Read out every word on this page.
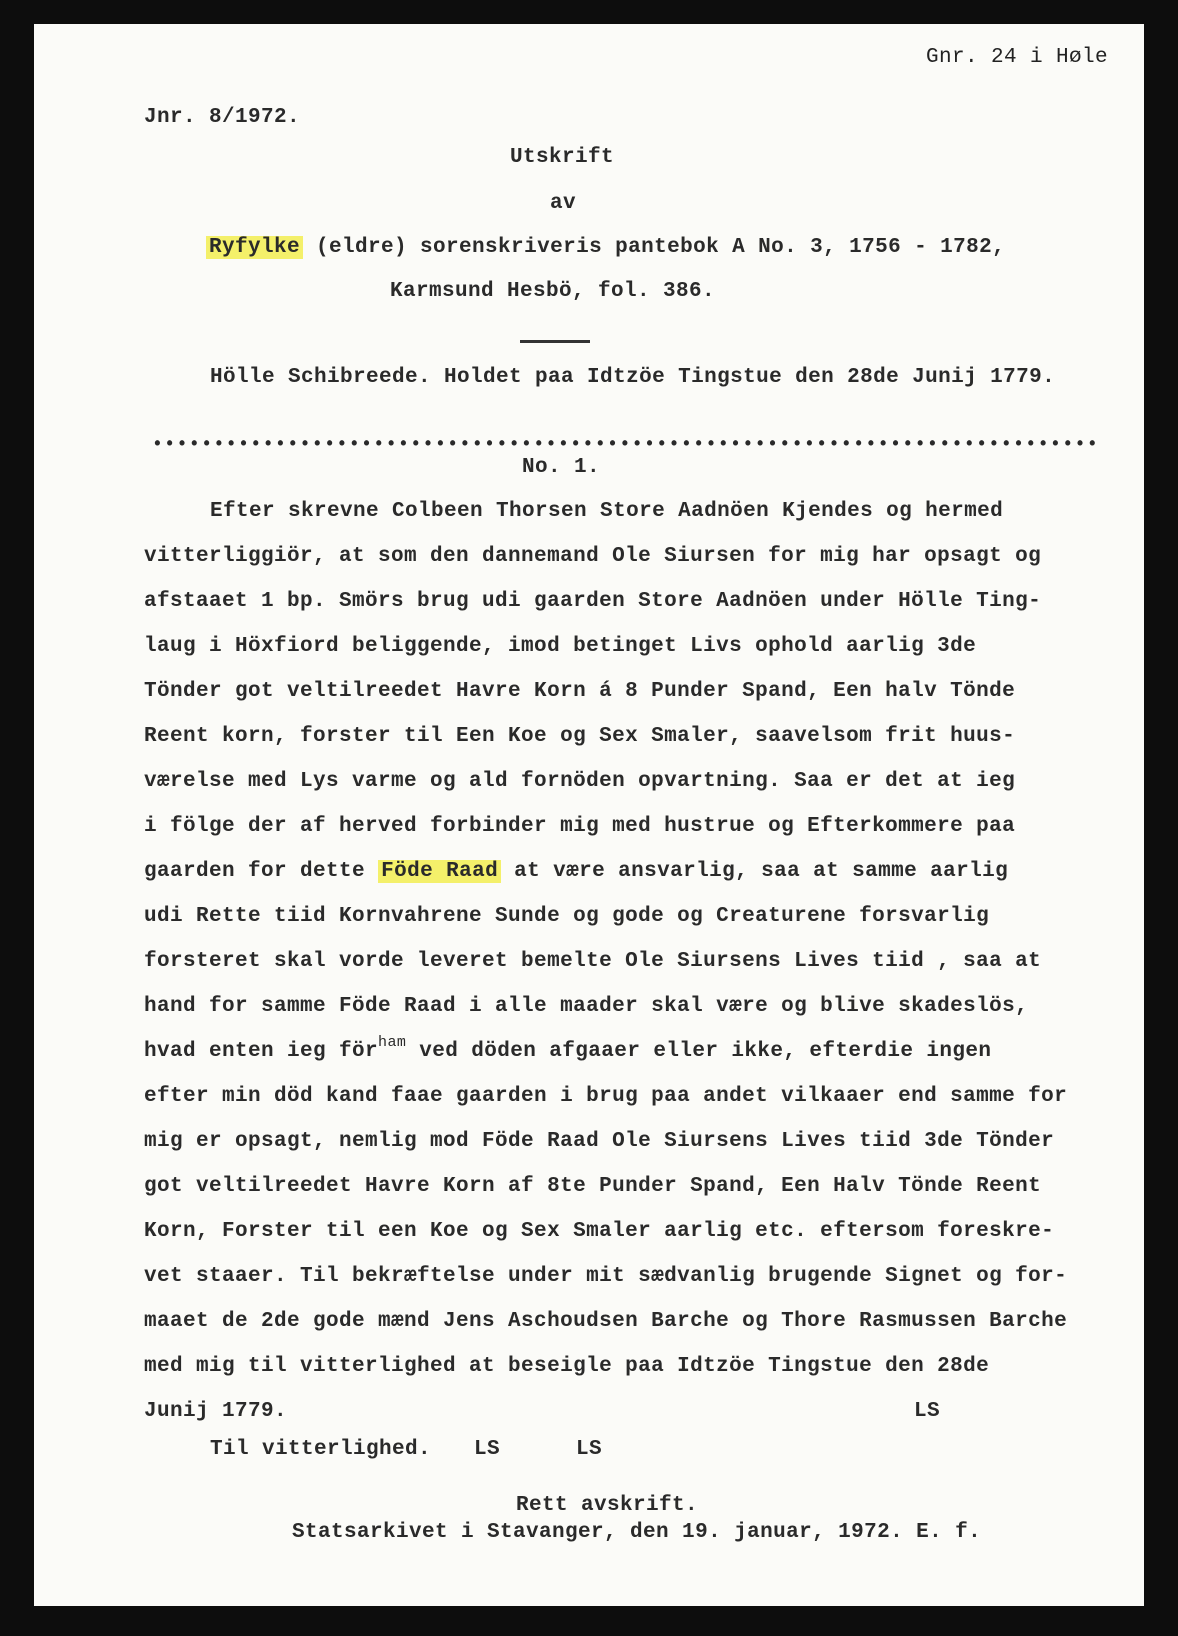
Gnr. 24 i Høle
Jnr. 8/1972.
Utskrift
av
Ryfylke (eldre) sorenskriveris pantebok A No. 3, 1756 - 1782,
Karmsund Hesbö, fol. 386.
Hölle Schibreede. Holdet paa Idtzöe Tingstue den 28de Junij 1779.
•••••••••••••••••••••••••••••••••••••••••••••••••••••••••••••••••••••••••••••
No. 1.
Efter skrevne Colbeen Thorsen Store Aadnöen Kjendes og hermed
vitterliggiör, at som den dannemand Ole Siursen for mig har opsagt og
afstaaet 1 bp. Smörs brug udi gaarden Store Aadnöen under Hölle Ting-
laug i Höxfiord beliggende, imod betinget Livs ophold aarlig 3de
Tönder got veltilreedet Havre Korn á 8 Punder Spand, Een halv Tönde
Reent korn, forster til Een Koe og Sex Smaler, saavelsom frit huus-
værelse med Lys varme og ald fornöden opvartning. Saa er det at ieg
i fölge der af herved forbinder mig med hustrue og Efterkommere paa
gaarden for dette Föde Raad at være ansvarlig, saa at samme aarlig
udi Rette tiid Kornvahrene Sunde og gode og Creaturene forsvarlig
forsteret skal vorde leveret bemelte Ole Siursens Lives tiid , saa at
hand for samme Föde Raad i alle maader skal være og blive skadeslös,
hvad enten ieg för$^{ham}$ ved döden afgaaer eller ikke, efterdie ingen
efter min död kand faae gaarden i brug paa andet vilkaaer end samme for
mig er opsagt, nemlig mod Föde Raad Ole Siursens Lives tiid 3de Tönder
got veltilreedet Havre Korn af 8te Punder Spand, Een Halv Tönde Reent
Korn, Forster til een Koe og Sex Smaler aarlig etc. eftersom foreskre-
vet staaer. Til bekræftelse under mit sædvanlig brugende Signet og for-
maaet de 2de gode mænd Jens Aschoudsen Barche og Thore Rasmussen Barche
med mig til vitterlighed at beseigle paa Idtzöe Tingstue den 28de
Junij 1779.	LS
Til vitterlighed. LS	LS
Rett avskrift.
Statsarkivet i Stavanger, den 19. januar, 1972. E. f.
